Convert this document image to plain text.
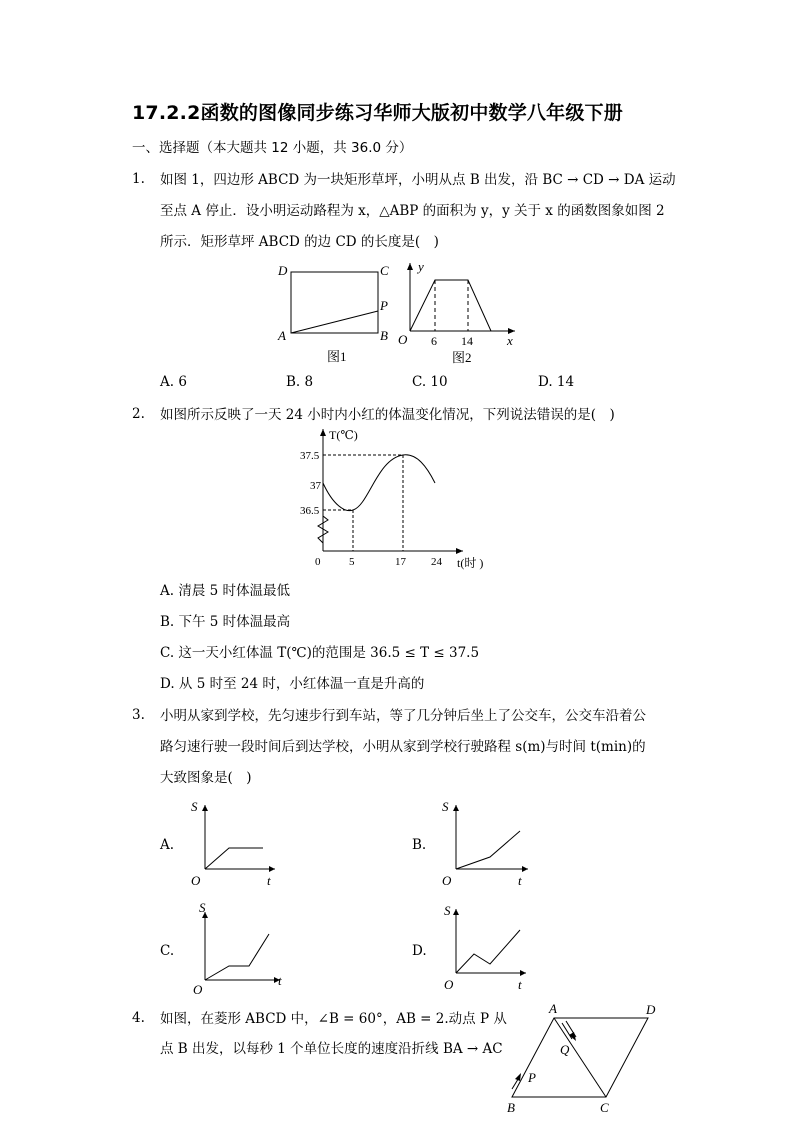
17.2.2函数的图像同步练习华师大版初中数学八年级下册
一、选择题（本大题共 12 小题，共 36.0 分）
1. 如图 1，四边形 ABCD 为一块矩形草坪，小明从点 B 出发，沿 BC → CD → DA 运动
至点 A 停止．设小明运动路程为 x，△ABP 的面积为 y，y 关于 x 的函数图象如图 2
所示．矩形草坪 ABCD 的边 CD 的长度是(　)
D	C
P
A	B
图1
y
O 6 14	x
图2
A. 6	B. 8	C. 10	D. 14
2. 如图所示反映了一天 24 小时内小红的体温变化情况，下列说法错误的是(　)
T(℃)
37.5
37
36.5
0	5	17 24 t(时 )
A. 清晨 5 时体温最低
B. 下午 5 时体温最高
C. 这一天小红体温 T(℃)的范围是 36.5 ≤ T ≤ 37.5
D. 从 5 时至 24 时，小红体温一直是升高的
3. 小明从家到学校，先匀速步行到车站，等了几分钟后坐上了公交车，公交车沿着公
路匀速行驶一段时间后到达学校，小明从家到学校行驶路程 s(m)与时间 t(min)的
大致图象是(　)
A.
S
O	t
B.
S
O	t
C.
S
O
t
D.
S
O	t
4. 如图，在菱形 ABCD 中，∠B = 60°，AB = 2.动点 P 从
点 B 出发，以每秒 1 个单位长度的速度沿折线 BA → AC
A	D
Q
P
B	C
